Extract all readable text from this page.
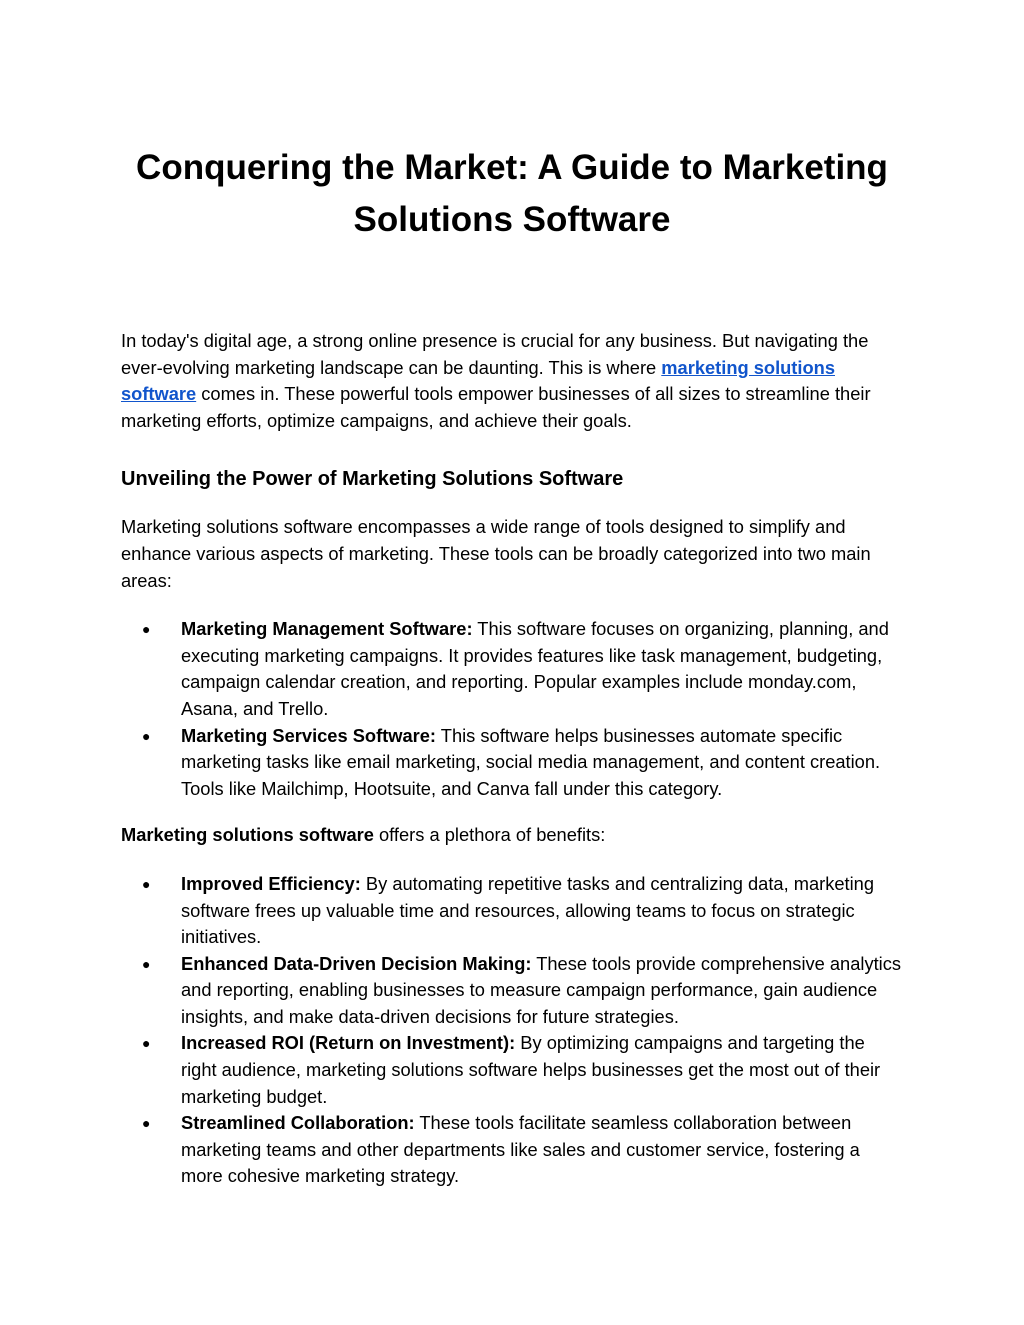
Conquering the Market: A Guide to Marketing Solutions Software

In today's digital age, a strong online presence is crucial for any business. But navigating the ever-evolving marketing landscape can be daunting. This is where marketing solutions software comes in. These powerful tools empower businesses of all sizes to streamline their marketing efforts, optimize campaigns, and achieve their goals.

Unveiling the Power of Marketing Solutions Software

Marketing solutions software encompasses a wide range of tools designed to simplify and enhance various aspects of marketing. These tools can be broadly categorized into two main areas:

● Marketing Management Software: This software focuses on organizing, planning, and executing marketing campaigns. It provides features like task management, budgeting, campaign calendar creation, and reporting. Popular examples include monday.com, Asana, and Trello.
● Marketing Services Software: This software helps businesses automate specific marketing tasks like email marketing, social media management, and content creation. Tools like Mailchimp, Hootsuite, and Canva fall under this category.

Marketing solutions software offers a plethora of benefits:

● Improved Efficiency: By automating repetitive tasks and centralizing data, marketing software frees up valuable time and resources, allowing teams to focus on strategic initiatives.
● Enhanced Data-Driven Decision Making: These tools provide comprehensive analytics and reporting, enabling businesses to measure campaign performance, gain audience insights, and make data-driven decisions for future strategies.
● Increased ROI (Return on Investment): By optimizing campaigns and targeting the right audience, marketing solutions software helps businesses get the most out of their marketing budget.
● Streamlined Collaboration: These tools facilitate seamless collaboration between marketing teams and other departments like sales and customer service, fostering a more cohesive marketing strategy.
